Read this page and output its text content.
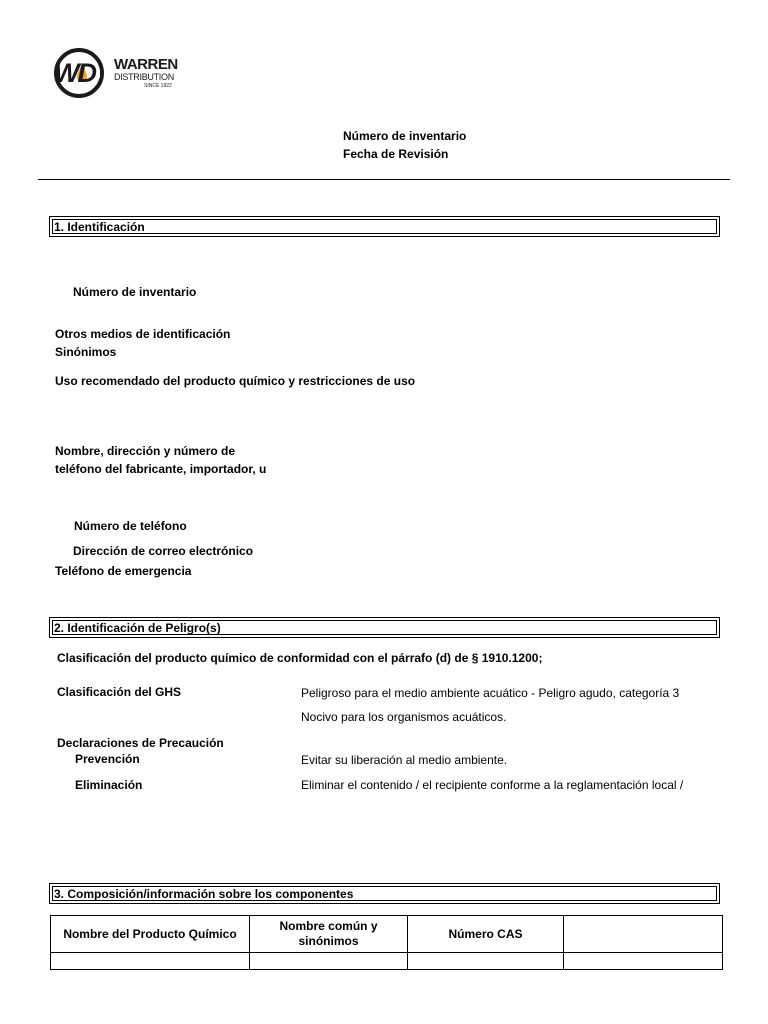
WD WARREN
DISTRIBUTION
SINCE 1922
Número de inventario
Fecha de Revisión
1. Identificación
Número de inventario
Otros medios de identificación
Sinónimos
Uso recomendado del producto químico y restricciones de uso
Nombre, dirección y número de
teléfono del fabricante, importador, u
Número de teléfono
Dirección de correo electrónico
Teléfono de emergencia
2. Identificación de Peligro(s)
Clasificación del producto químico de conformidad con el párrafo (d) de § 1910.1200;
Clasificación del GHS	Peligroso para el medio ambiente acuático - Peligro agudo, categoría 3
Nocivo para los organismos acuáticos.
Declaraciones de Precaución
Prevención	Evitar su liberación al medio ambiente.
Eliminación	Eliminar el contenido / el recipiente conforme a la reglamentación local /
3. Composición/información sobre los componentes
Nombre del Producto Químico	Nombre común y sinónimos	Número CAS	
